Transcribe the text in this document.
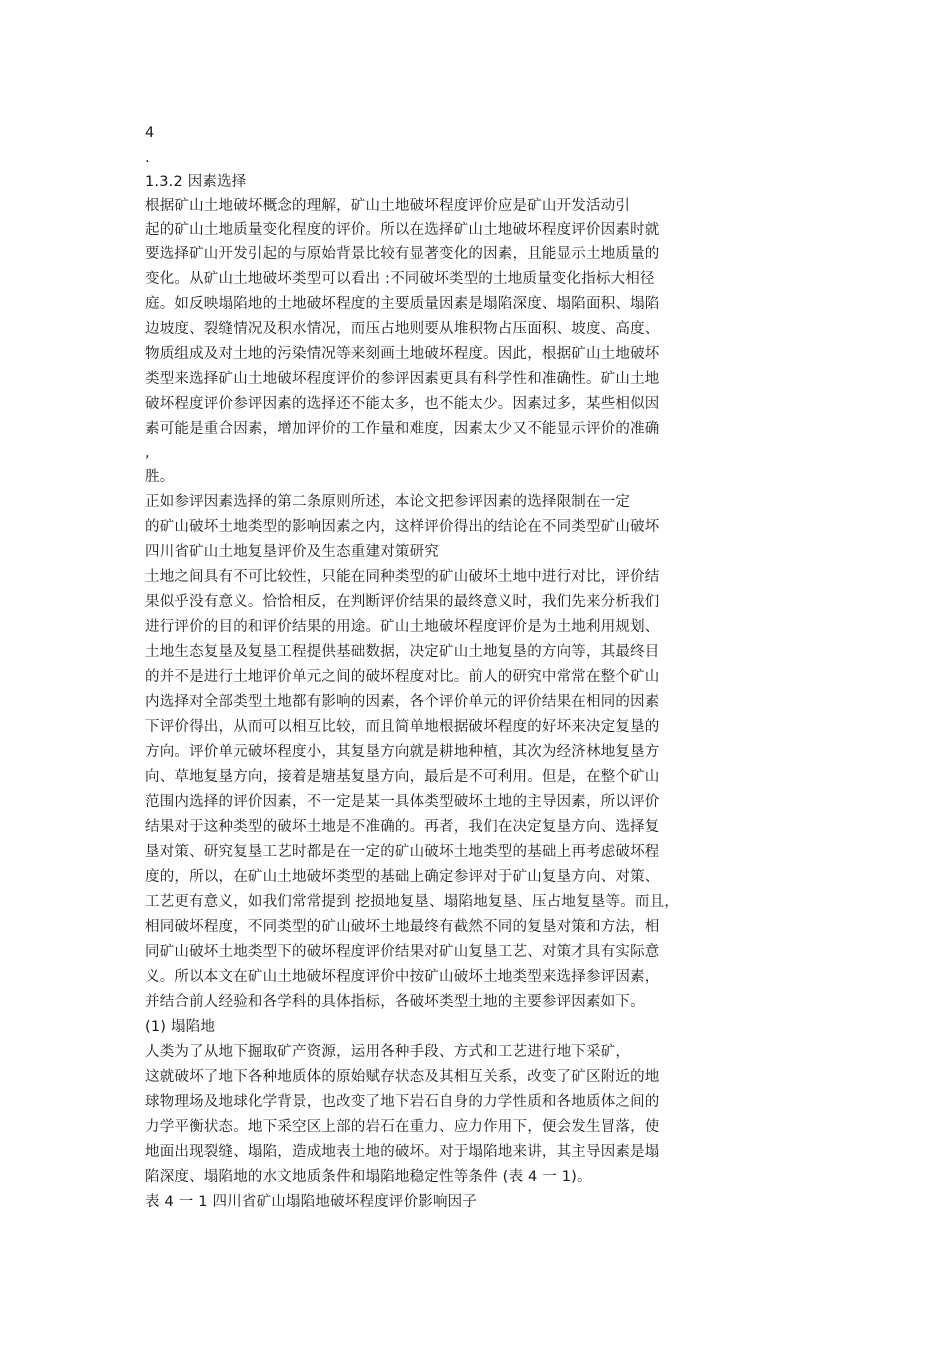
4
.
1.3.2 因素选择
根据矿山土地破坏概念的理解，矿山土地破坏程度评价应是矿山开发活动引
起的矿山土地质量变化程度的评价。所以在选择矿山土地破坏程度评价因素时就
要选择矿山开发引起的与原始背景比较有显著变化的因素，且能显示土地质量的
变化。从矿山土地破坏类型可以看出 :不同破坏类型的土地质量变化指标大相径
庭。如反映塌陷地的土地破坏程度的主要质量因素是塌陷深度、塌陷面积、塌陷
边坡度、裂缝情况及积水情况，而压占地则要从堆积物占压面积、坡度、高度、
物质组成及对土地的污染情况等来刻画土地破坏程度。因此，根据矿山土地破坏
类型来选择矿山土地破坏程度评价的参评因素更具有科学性和准确性。矿山土地
破坏程度评价参评因素的选择还不能太多，也不能太少。因素过多，某些相似因
素可能是重合因素，增加评价的工作量和难度，因素太少又不能显示评价的准确
,
胜。
正如参评因素选择的第二条原则所述，本论文把参评因素的选择限制在一定
的矿山破坏土地类型的影响因素之内，这样评价得出的结论在不同类型矿山破坏
四川省矿山土地复垦评价及生态重建对策研究
土地之间具有不可比较性，只能在同种类型的矿山破坏土地中进行对比，评价结
果似乎没有意义。恰恰相反，在判断评价结果的最终意义时，我们先来分析我们
进行评价的目的和评价结果的用途。矿山土地破坏程度评价是为土地利用规划、
土地生态复垦及复垦工程提供基础数据，决定矿山土地复垦的方向等，其最终目
的并不是进行土地评价单元之间的破坏程度对比。前人的研究中常常在整个矿山
内选择对全部类型土地都有影响的因素，各个评价单元的评价结果在相同的因素
下评价得出，从而可以相互比较，而且简单地根据破坏程度的好坏来决定复垦的
方向。评价单元破坏程度小，其复垦方向就是耕地种植，其次为经济林地复垦方
向、草地复垦方向，接着是塘基复垦方向，最后是不可利用。但是，在整个矿山
范围内选择的评价因素，不一定是某一具体类型破坏土地的主导因素，所以评价
结果对于这种类型的破坏土地是不准确的。再者，我们在决定复垦方向、选择复
垦对策、研究复垦工艺时都是在一定的矿山破坏土地类型的基础上再考虑破坏程
度的，所以，在矿山土地破坏类型的基础上确定参评对于矿山复垦方向、对策、
工艺更有意义，如我们常常提到 挖损地复垦、塌陷地复垦、压占地复垦等。而且，
相同破坏程度，不同类型的矿山破坏土地最终有截然不同的复垦对策和方法，相
同矿山破坏土地类型下的破坏程度评价结果对矿山复垦工艺、对策才具有实际意
义。所以本文在矿山土地破坏程度评价中按矿山破坏土地类型来选择参评因素，
并结合前人经验和各学科的具体指标，各破坏类型土地的主要参评因素如下。
(1) 塌陷地
人类为了从地下掘取矿产资源，运用各种手段、方式和工艺进行地下采矿，
这就破坏了地下各种地质体的原始赋存状态及其相互关系，改变了矿区附近的地
球物理场及地球化学背景，也改变了地下岩石自身的力学性质和各地质体之间的
力学平衡状态。地下采空区上部的岩石在重力、应力作用下，便会发生冒落，使
地面出现裂缝、塌陷，造成地表土地的破坏。对于塌陷地来讲，其主导因素是塌
陷深度、塌陷地的水文地质条件和塌陷地稳定性等条件 (表 4 一 1)。
表 4 一 1 四川省矿山塌陷地破坏程度评价影响因子
